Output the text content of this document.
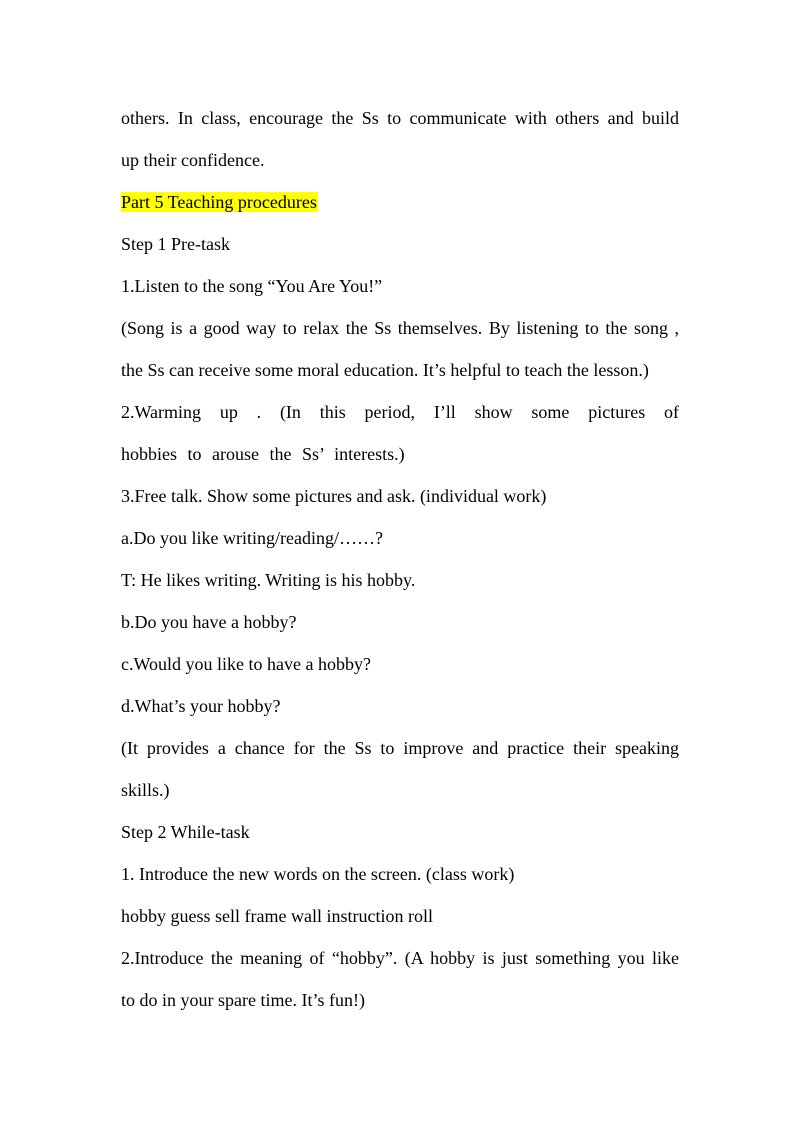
others. In class, encourage the Ss to communicate with others and build
up their confidence.
Part 5 Teaching procedures
Step 1 Pre-task
1.Listen to the song “You Are You!”
(Song is a good way to relax the Ss themselves. By listening to the song ,
the Ss can receive some moral education. It’s helpful to teach the lesson.)
2.Warming up . (In this period, I’ll show some pictures of
hobbies to arouse the Ss’ interests.)
3.Free talk. Show some pictures and ask. (individual work)
a.Do you like writing/reading/……?
T: He likes writing. Writing is his hobby.
b.Do you have a hobby?
c.Would you like to have a hobby?
d.What’s your hobby?
(It provides a chance for the Ss to improve and practice their speaking
skills.)
Step 2 While-task
1. Introduce the new words on the screen. (class work)
hobby guess sell frame wall instruction roll
2.Introduce the meaning of “hobby”. (A hobby is just something you like
to do in your spare time. It’s fun!)
